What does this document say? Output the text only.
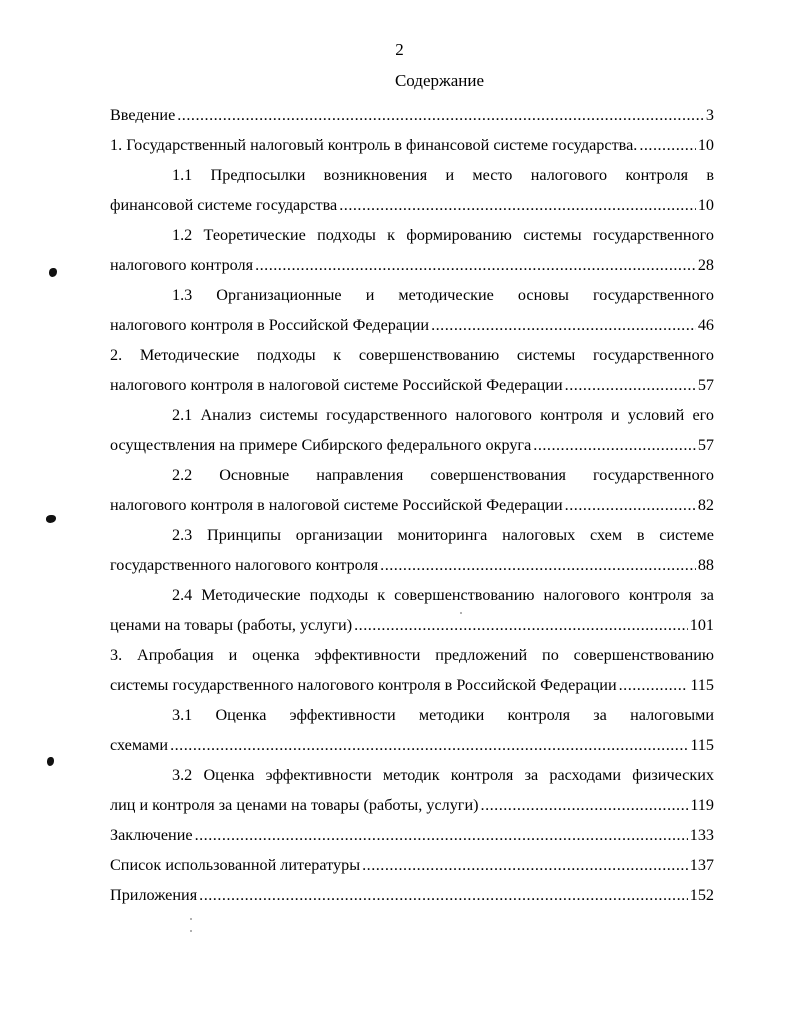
2
Содержание
Введение .....	3
1. Государственный налоговый контроль в финансовой системе государства. .....	10
1.1 Предпосылки возникновения и место налогового контроля в
финансовой системе государства .....	10
1.2 Теоретические подходы к формированию системы государственного
налогового контроля .....	28
1.3 Организационные и методические основы государственного
налогового контроля в Российской Федерации .....	46
2. Методические подходы к совершенствованию системы государственного
налогового контроля в налоговой системе Российской Федерации .....	57
2.1 Анализ системы государственного налогового контроля и условий его
осуществления на примере Сибирского федерального округа .....	57
2.2 Основные направления совершенствования государственного
налогового контроля в налоговой системе Российской Федерации .....	82
2.3 Принципы организации мониторинга налоговых схем в системе
государственного налогового контроля .....	88
2.4 Методические подходы к совершенствованию налогового контроля за
ценами на товары (работы, услуги) .....	101
3. Апробация и оценка эффективности предложений по совершенствованию
системы государственного налогового контроля в Российской Федерации .....	115
3.1 Оценка эффективности методики контроля за налоговыми
схемами .....	115
3.2 Оценка эффективности методик контроля за расходами физических
лиц и контроля за ценами на товары (работы, услуги) .....	119
Заключение .....	133
Список использованной литературы .....	137
Приложения .....	152
